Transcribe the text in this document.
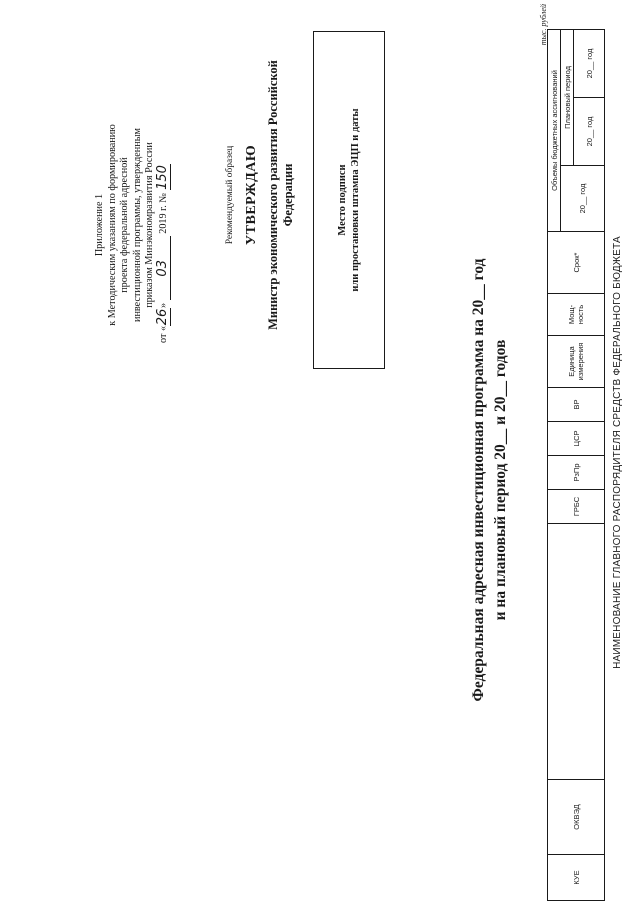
Приложение 1 к Методическим указаниям по формированию проекта федеральной адресной инвестиционной программы, утвержденным приказом Минэкономразвития России
от «26» 03 2019 г. № 150	Рекомендуемый образец УТВЕРЖДАЮ Министр экономического развития Российской Федерации	Место подписи или простановки штампа ЭЦП и даты
Федеральная адресная инвестиционная программа на 20__ год и на плановый период 20__ и 20__ годов
тыс. рублей
КУЕ	ОКВЭД		ГРБС	РзПр	ЦСР	ВР	Единица измерения	Мощ-ность	Срок*	Объемы бюджетных ассигнований		
										20__ год	Плановый период	
											20__ год	20__ год
НАИМЕНОВАНИЕ ГЛАВНОГО РАСПОРЯДИТЕЛЯ СРЕДСТВ ФЕДЕРАЛЬНОГО БЮДЖЕТА
